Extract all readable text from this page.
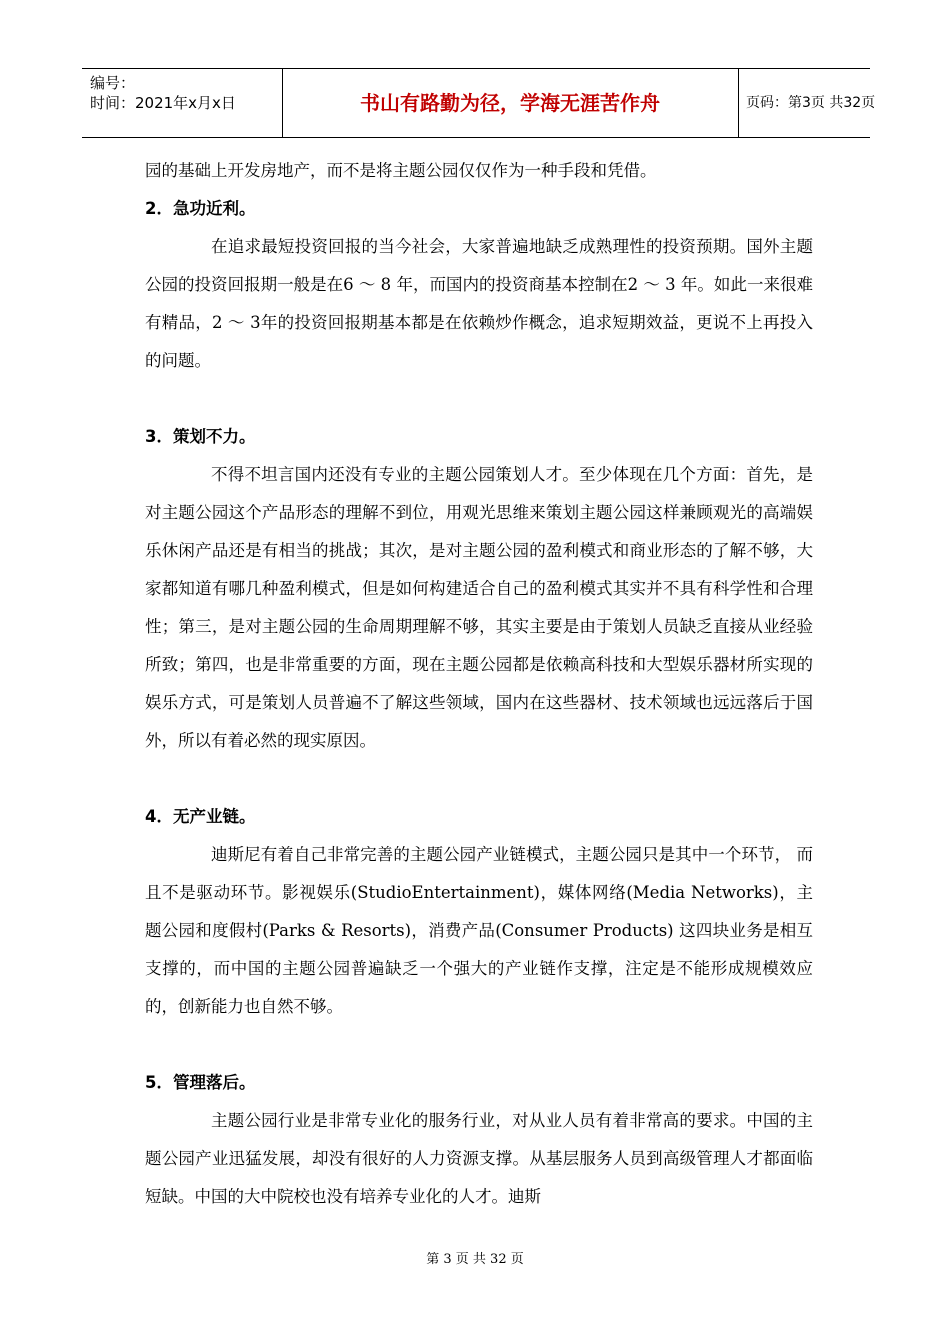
编号：
时间：2021年x月x日	书山有路勤为径，学海无涯苦作舟	页码：第3页 共32页

园的基础上开发房地产，而不是将主题公园仅仅作为一种手段和凭借。

2．急功近利。

在追求最短投资回报的当今社会，大家普遍地缺乏成熟理性的投资预期。国外主题公园的投资回报期一般是在6 ～ 8 年，而国内的投资商基本控制在2 ～ 3 年。如此一来很难有精品，2 ～ 3年的投资回报期基本都是在依赖炒作概念，追求短期效益，更说不上再投入的问题。

3．策划不力。

不得不坦言国内还没有专业的主题公园策划人才。至少体现在几个方面：首先，是对主题公园这个产品形态的理解不到位，用观光思维来策划主题公园这样兼顾观光的高端娱乐休闲产品还是有相当的挑战；其次，是对主题公园的盈利模式和商业形态的了解不够，大家都知道有哪几种盈利模式，但是如何构建适合自己的盈利模式其实并不具有科学性和合理性；第三，是对主题公园的生命周期理解不够，其实主要是由于策划人员缺乏直接从业经验所致；第四，也是非常重要的方面，现在主题公园都是依赖高科技和大型娱乐器材所实现的娱乐方式，可是策划人员普遍不了解这些领域，国内在这些器材、技术领域也远远落后于国外，所以有着必然的现实原因。

4．无产业链。

迪斯尼有着自己非常完善的主题公园产业链模式，主题公园只是其中一个环节， 而且不是驱动环节。影视娱乐(StudioEntertainment)，媒体网络(Media Networks)，主题公园和度假村(Parks & Resorts)，消费产品(Consumer Products) 这四块业务是相互支撑的，而中国的主题公园普遍缺乏一个强大的产业链作支撑，注定是不能形成规模效应的，创新能力也自然不够。

5．管理落后。

主题公园行业是非常专业化的服务行业，对从业人员有着非常高的要求。中国的主题公园产业迅猛发展，却没有很好的人力资源支撑。从基层服务人员到高级管理人才都面临短缺。中国的大中院校也没有培养专业化的人才。迪斯

第 3 页 共 32 页
